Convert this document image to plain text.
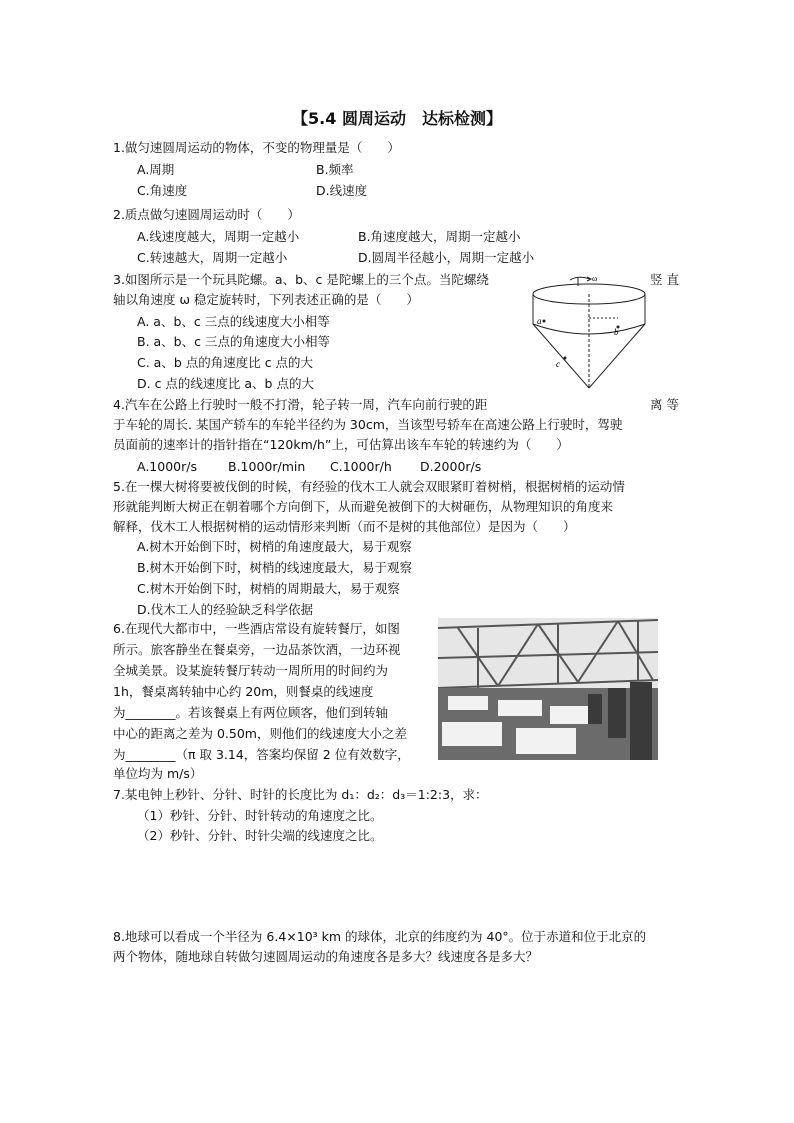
【5.4 圆周运动　达标检测】
1.做匀速圆周运动的物体，不变的物理量是（　　）
A.周期	B.频率
C.角速度	D.线速度
2.质点做匀速圆周运动时（　　）
A.线速度越大，周期一定越小	B.角速度越大，周期一定越小
C.转速越大，周期一定越小	D.圆周半径越小，周期一定越小
3.如图所示是一个玩具陀螺。a、b、c 是陀螺上的三个点。当陀螺绕	竖 直
轴以角速度 ω 稳定旋转时，下列表述正确的是（　　）
A. a、b、c 三点的线速度大小相等
B. a、b、c 三点的角速度大小相等
C. a、b 点的角速度比 c 点的大
D. c 点的线速度比 a、b 点的大
a
b
c
ω
4.汽车在公路上行驶时一般不打滑，轮子转一周，汽车向前行驶的距	离 等
于车轮的周长. 某国产轿车的车轮半径约为 30cm，当该型号轿车在高速公路上行驶时，驾驶
员面前的速率计的指针指在“120km/h”上，可估算出该车车轮的转速约为（　　）
A.1000r/s B.1000r/min C.1000r/h D.2000r/s
5.在一棵大树将要被伐倒的时候，有经验的伐木工人就会双眼紧盯着树梢，根据树梢的运动情
形就能判断大树正在朝着哪个方向倒下，从而避免被倒下的大树砸伤，从物理知识的角度来
解释，伐木工人根据树梢的运动情形来判断（而不是树的其他部位）是因为（　　）
A.树木开始倒下时，树梢的角速度最大，易于观察
B.树木开始倒下时，树梢的线速度最大，易于观察
C.树木开始倒下时，树梢的周期最大，易于观察
D.伐木工人的经验缺乏科学依据
6.在现代大都市中，一些酒店常设有旋转餐厅，如图
所示。旅客静坐在餐桌旁，一边品茶饮酒，一边环视
全城美景。设某旋转餐厅转动一周所用的时间约为
1h，餐桌离转轴中心约 20m，则餐桌的线速度
为________。若该餐桌上有两位顾客，他们到转轴
中心的距离之差为 0.50m，则他们的线速度大小之差
为________（π 取 3.14，答案均保留 2 位有效数字，
单位均为 m/s）
7.某电钟上秒针、分针、时针的长度比为 d₁：d₂：d₃＝1:2:3，求：
（1）秒针、分针、时针转动的角速度之比。
（2）秒针、分针、时针尖端的线速度之比。
8.地球可以看成一个半径为 6.4×10³ km 的球体，北京的纬度约为 40°。位于赤道和位于北京的
两个物体，随地球自转做匀速圆周运动的角速度各是多大？线速度各是多大？
